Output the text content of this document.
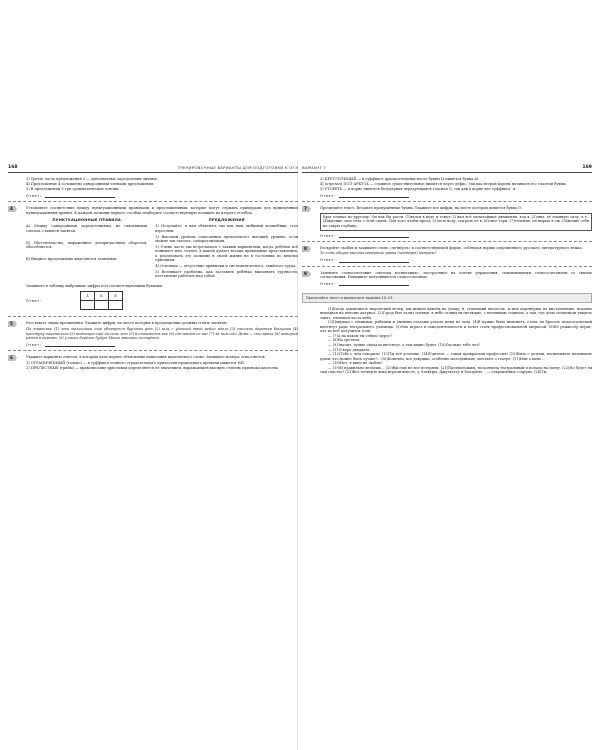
168	ТРЕНИРОВОЧНЫЕ ВАРИАНТЫ ДЛЯ ПОДГОТОВКИ К ОГЭ
3) Третье часть предложения 3 — однозначные определения-личные.
4) Предложение 4 осложнено однородными членами предложения.
5) В предложении 5 три грамматические основы.
Ответ:
4	Установите соответствие между пунктуационными правилами и предложениями, которые могут служить примерами для приведённых пунктуационных правил. К каждой позиции первого столбца подберите соответствующую позицию из второго столбца.
ПУНКТУАЦИОННЫЕ ПРАВИЛА
А) Между однородными определениями, не связанными союзом, ставится запятая.
Б) Обстоятельство, выраженное деепричастным оборотом, обособляется.
В) Вводное предложение выделяется запятыми.
ПРЕДЛОЖЕНИЯ
1) Получайте, я вам объяснял, мы как наш любимый волшебник, стал взрослым.
2) Высокий уровень самооценки предполагает высокий уровень, если можно так сказать, самореализации.
3) Очень часто мы встречаемся с такими вариантами, когда ребёнок всё понимает или, точнее, в нашей думает весьма правильные представления, а реализовать эту позицию в своей жизни не в состоянии по многим причинам.
4) Основное — отсутствие привычки и систематического, тяжёлого труда.
5) Возникает проблема, как заставить ребёнка выполнить трудности, постепенно работать над собой.
Запишите в таблицу выбранные цифры под соответствующими буквами.
Ответ:
А	Б	В

5	Расставьте знаки препинания. Укажите цифры, на месте которых в предложении должны стоять запятые.
По трапинке (1) что мальчишка ещё обернутся бурлами рот (2) шла с удочкой твой рейки вдоль (3) высоких деревьев боьшими (4) простуду тщательно (5) вытащив ещё да семь лет (5) в стоимость вое (6) сделанная из нас (7) за ним шёл Дима — сын врача (8) который рядом в деревне (9) у своих берёзок будут Миши машины сестрёнки.
Ответ:
6	Укажите варианты ответов, в которых дано верное объяснение написания выделенного слова. Запишите номера этих ответов.
1) ОГРАНИЧЕННЫЙ (только) — в суффиксе полного страдательного причастия прошедшего времени пишется НН.
2) ПРЕЛЕСТНЫЕ (грибы) — правописание приставки определяется её значением, выражающей высшую степень признака качества.
ВАРИАНТ 7	169
3) КРУГЛОЛИЦЫЙ — в суффиксе прилагательных после буквы Ц пишется буква Ы.
4) (отрезал) ПОЛ-АРБУЗА — сложное существительное пишется через дефис, так как второй корень начинается с гласной буквы.
5) УТОРЕТЬ — в корне пишется безударная чередующаяся гласная О, так как в корне нет суффикса -А-.
Ответ:
7	Прочитайте текст. Вставьте пропущенные буквы. Укажите все цифры, на месте которых пишется буква О.
Враг плавал по-другому. Он как бы растя..(1)вался в воде и тонул..(2)вал всё мельчайшие движения, ход в..(3)лны, её плавную силу, в т..(4)ждение свое тела с этой силой. Для того чтобы преод..(5)леть воду, сыграть её в..(6)сное горн..(7)течение, он вырыл в сж..(8)жение себя на такую глубину.
Ответ:
8	Раскройте скобки и запишите слово «четвёрть» в соответствующей форме, соблюдая нормы современного русского литературного языка.
То есть общая высота ковёрного равна (четвёрт) метрам?
Ответ:
9	Замените словосочетание «методы воспитания», построенное на основе управления, синонимичным словосочетанием со связью согласования. Напишите получившееся словосочетание.
Ответ:
Прочитайте текст и выполните задания 10–13.
(1)Когда закончился творческий вечер, мы вышли вдвоём на улицу: я, седеющий писатель, и моя партнёрша по выступлению, недавно выходная на пенсию актриса. (2)Город был залит огнями, в небе отливали светящие, с пленящим седином, а там, где дома позволили увидеть закат, алеющая часть неба.
(3)Девушка с тёмными, робкими и умными глазами узнала меня из зала. (4)В нужно было выяснить, стоит ли бросать педагогический институт ради театрального училища. (5)Она играет в самодеятельности и хочет стать профессиональной актрисой. (6)Её режиссёр верит, что из неё получится толк.
— (7)А на каком ты сейчас курсе?
— (8)На третьем.
— (9)Значит, лучше сначала институт, а там видно будет. (10)Сколько тебе лет?
— (11)Скоро двадцать.
— (12)Тебе с чём говорить! (13)Ты всё успеешь. (14)Учитель — такая прекрасная профессия! (15)Быть с детьми, воспитывать маленькие души, что может быть лучше?.. (16)Конечно, все девушки, особенно молоденькие, мечтают о театре. (17)Или о кино...
— (18)Нет, я кино не люблю!
— (19)И правильно делаешь... (20)Вы ещё не все потеряли. (21)Предположим, ты кончила театральный и попала на сцену. (22)Но будет ли там счастье? (23)Вот четверть века играли вместе, у Электры, Джульетту и Беатриче... — откровенные старухи. (24)Ты
